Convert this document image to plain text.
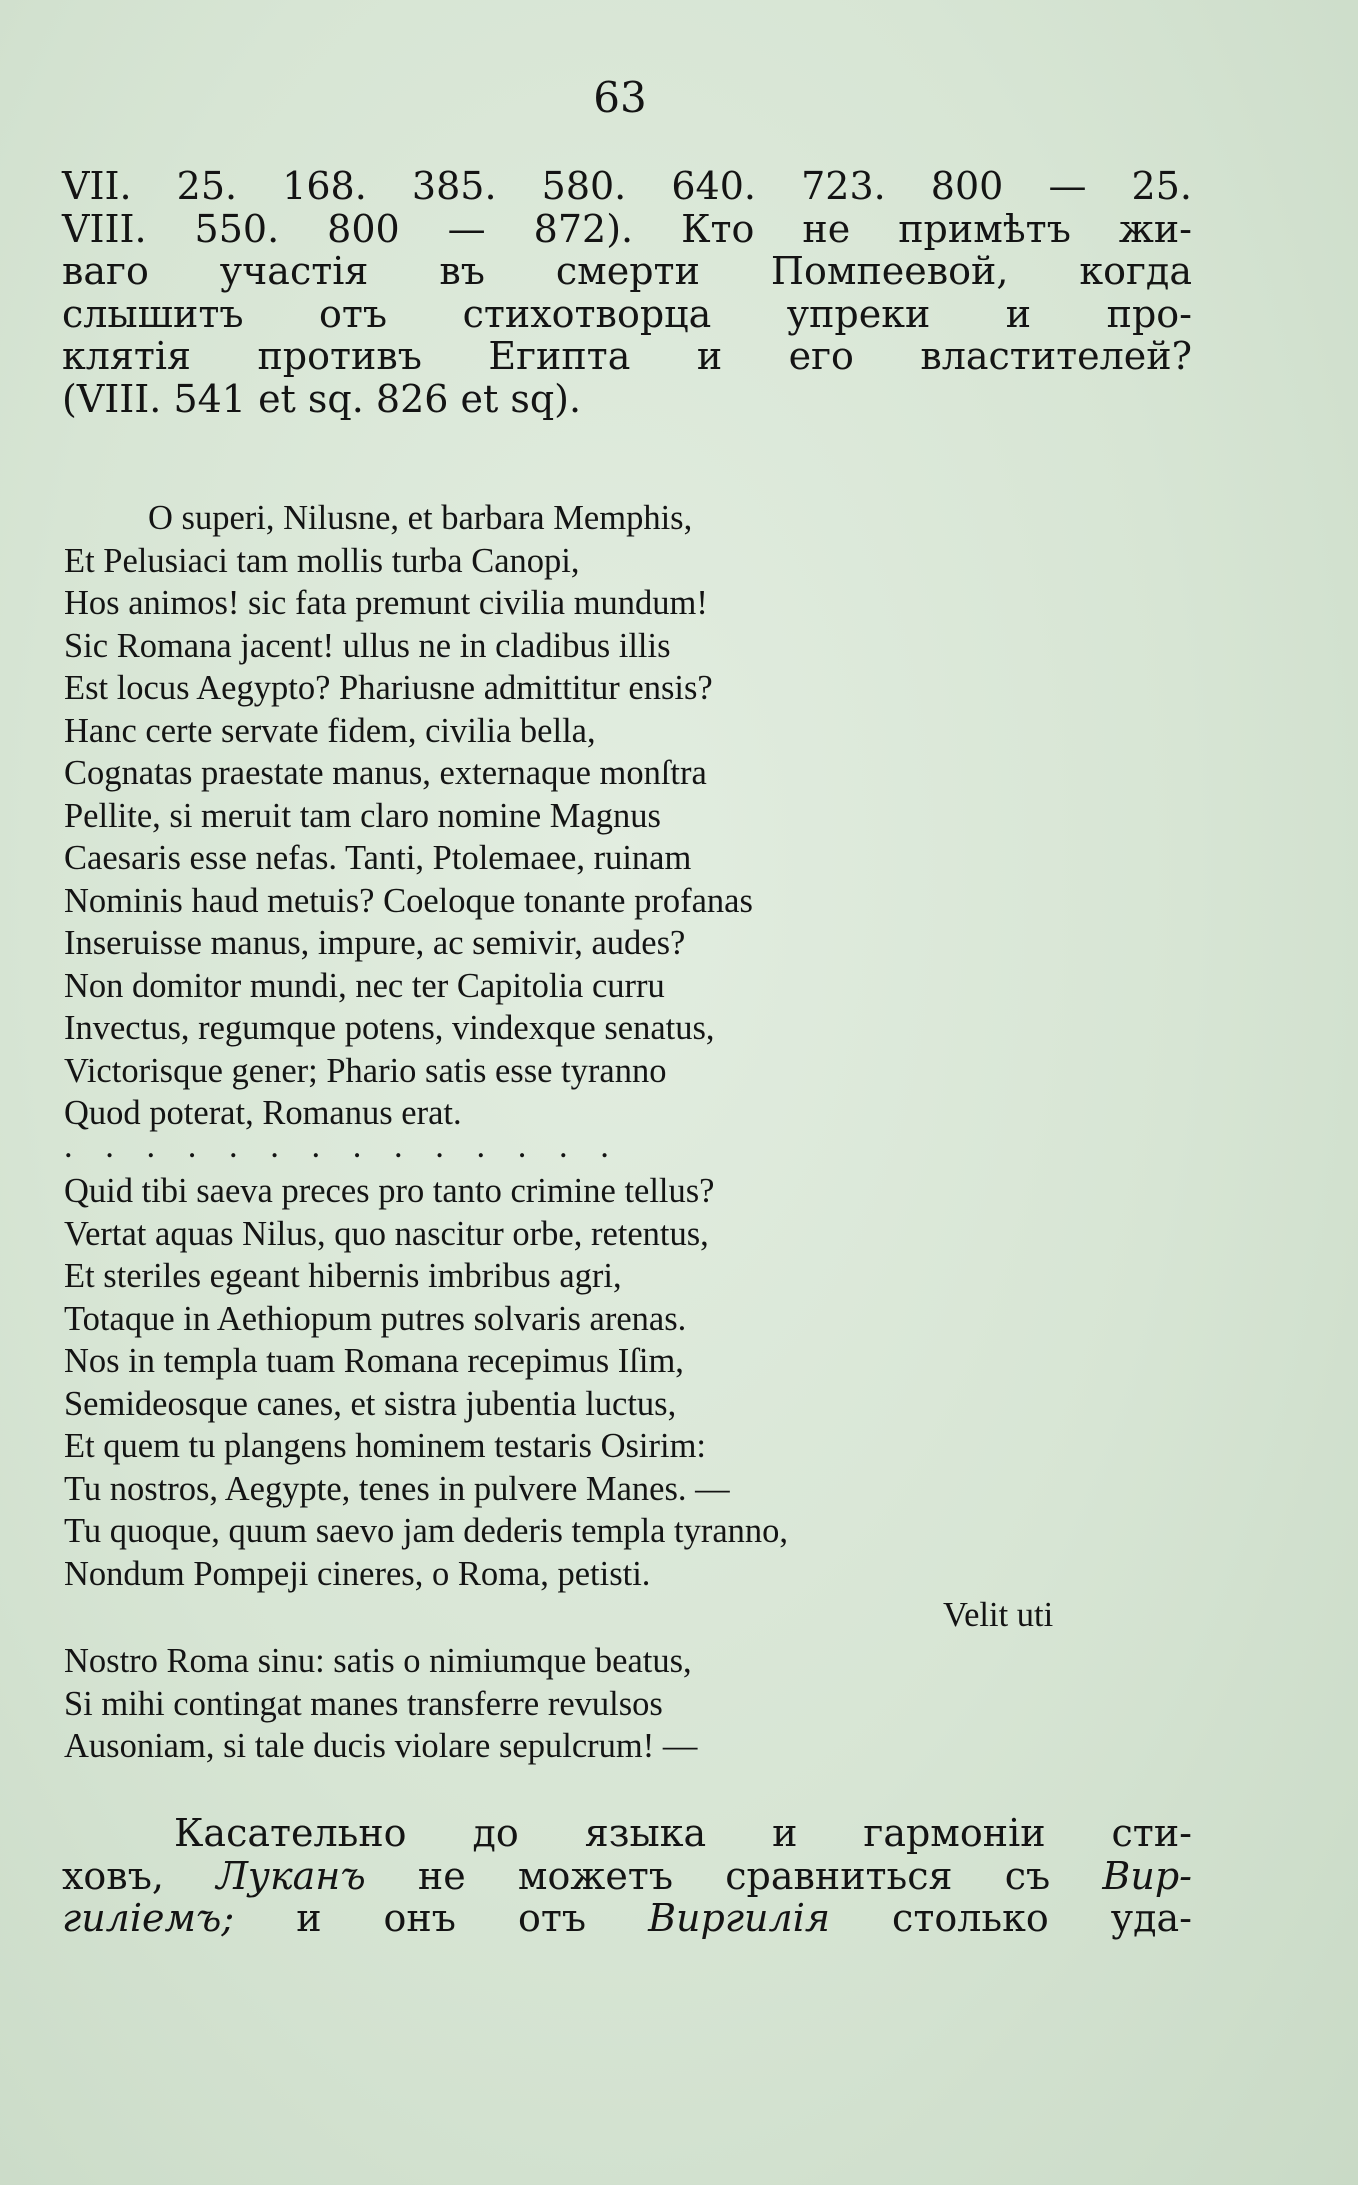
63
VII. 25. 168. 385. 580. 640. 723. 800 — 25.
VIII. 550. 800 — 872). Кто не примѣтъ жи-
ваго участія въ смерти Помпеевой, когда
слышитъ отъ стихотворца упреки и про-
клятія противъ Египта и его властителей?
(VIII. 541 et sq. 826 et sq).
O superi, Nilusne, et barbara Memphis,
Et Pelusiaci tam mollis turba Canopi,
Hos animos! sic fata premunt civilia mundum!
Sic Romana jacent! ullus ne in cladibus illis
Est locus Aegypto? Phariusne admittitur ensis?
Hanc certe servate fidem, civilia bella,
Cognatas praestate manus, externaque monſtra
Pellite, si meruit tam claro nomine Magnus
Caesaris esse nefas. Tanti, Ptolemaee, ruinam
Nominis haud metuis? Coeloque tonante profanas
Inseruisse manus, impure, ac semivir, audes?
Non domitor mundi, nec ter Capitolia curru
Invectus, regumque potens, vindexque senatus,
Victorisque gener; Phario satis esse tyranno
Quod poterat, Romanus erat.
. . . . . . . . . . . . . .
Quid tibi saeva preces pro tanto crimine tellus?
Vertat aquas Nilus, quo nascitur orbe, retentus,
Et steriles egeant hibernis imbribus agri,
Totaque in Aethiopum putres solvaris arenas.
Nos in templa tuam Romana recepimus Iſim,
Semideosque canes, et sistra jubentia luctus,
Et quem tu plangens hominem testaris Osirim:
Tu nostros, Aegypte, tenes in pulvere Manes. —
Tu quoque, quum saevo jam dederis templa tyranno,
Nondum Pompeji cineres, o Roma, petisti.
Velit uti
Nostro Roma sinu: satis o nimiumque beatus,
Si mihi contingat manes transferre revulsos
Ausoniam, si tale ducis violare sepulcrum! —
Касательно до языка и гармоніи сти-
ховъ, Луканъ не можетъ сравниться съ Вир-
гиліемъ; и онъ отъ Виргилія столько уда-
